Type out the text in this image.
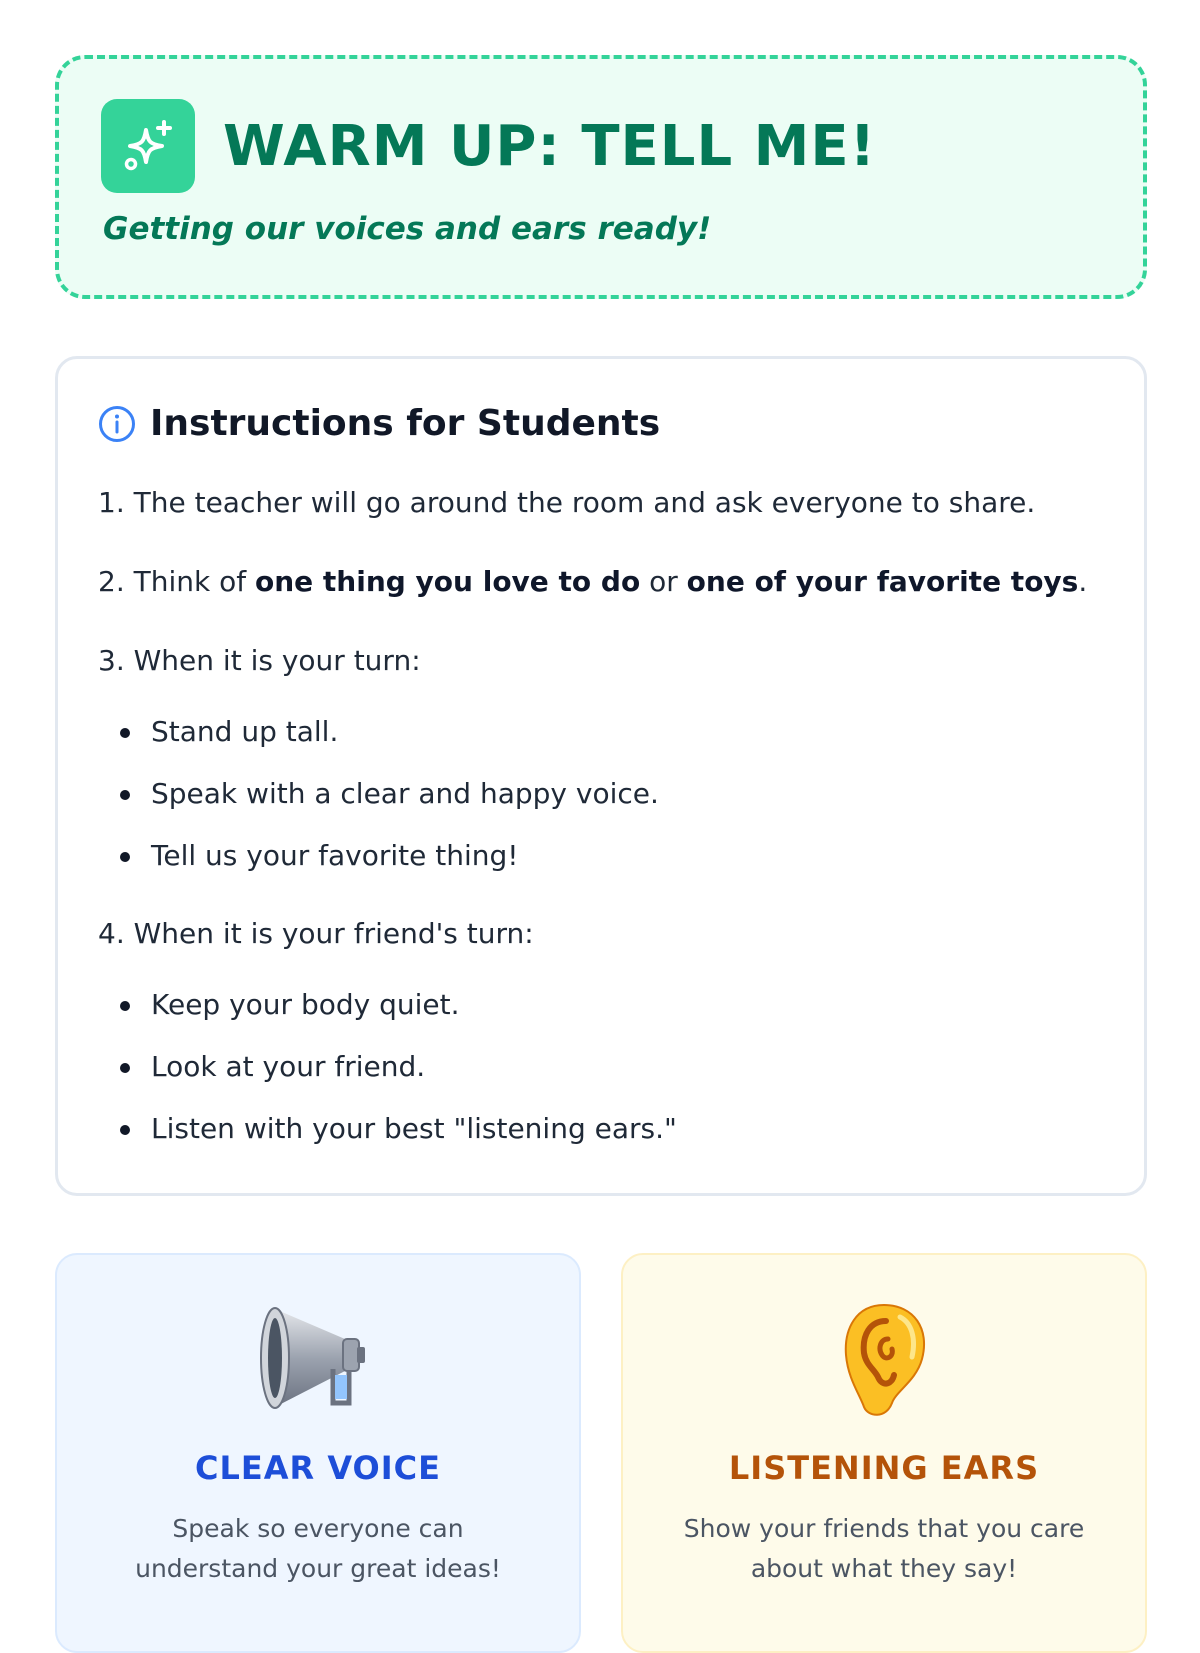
WARM UP: TELL ME!
Getting our voices and ears ready!
Instructions for Students

1. The teacher will go around the room and ask everyone to share.

2. Think of one thing you love to do or one of your favorite toys.

3. When it is your turn:

Stand up tall.
Speak with a clear and happy voice.
Tell us your favorite thing!

4. When it is your friend's turn:

Keep your body quiet.
Look at your friend.
Listen with your best "listening ears."
CLEAR VOICE

Speak so everyone can understand your great ideas!

LISTENING EARS

Show your friends that you care about what they say!
